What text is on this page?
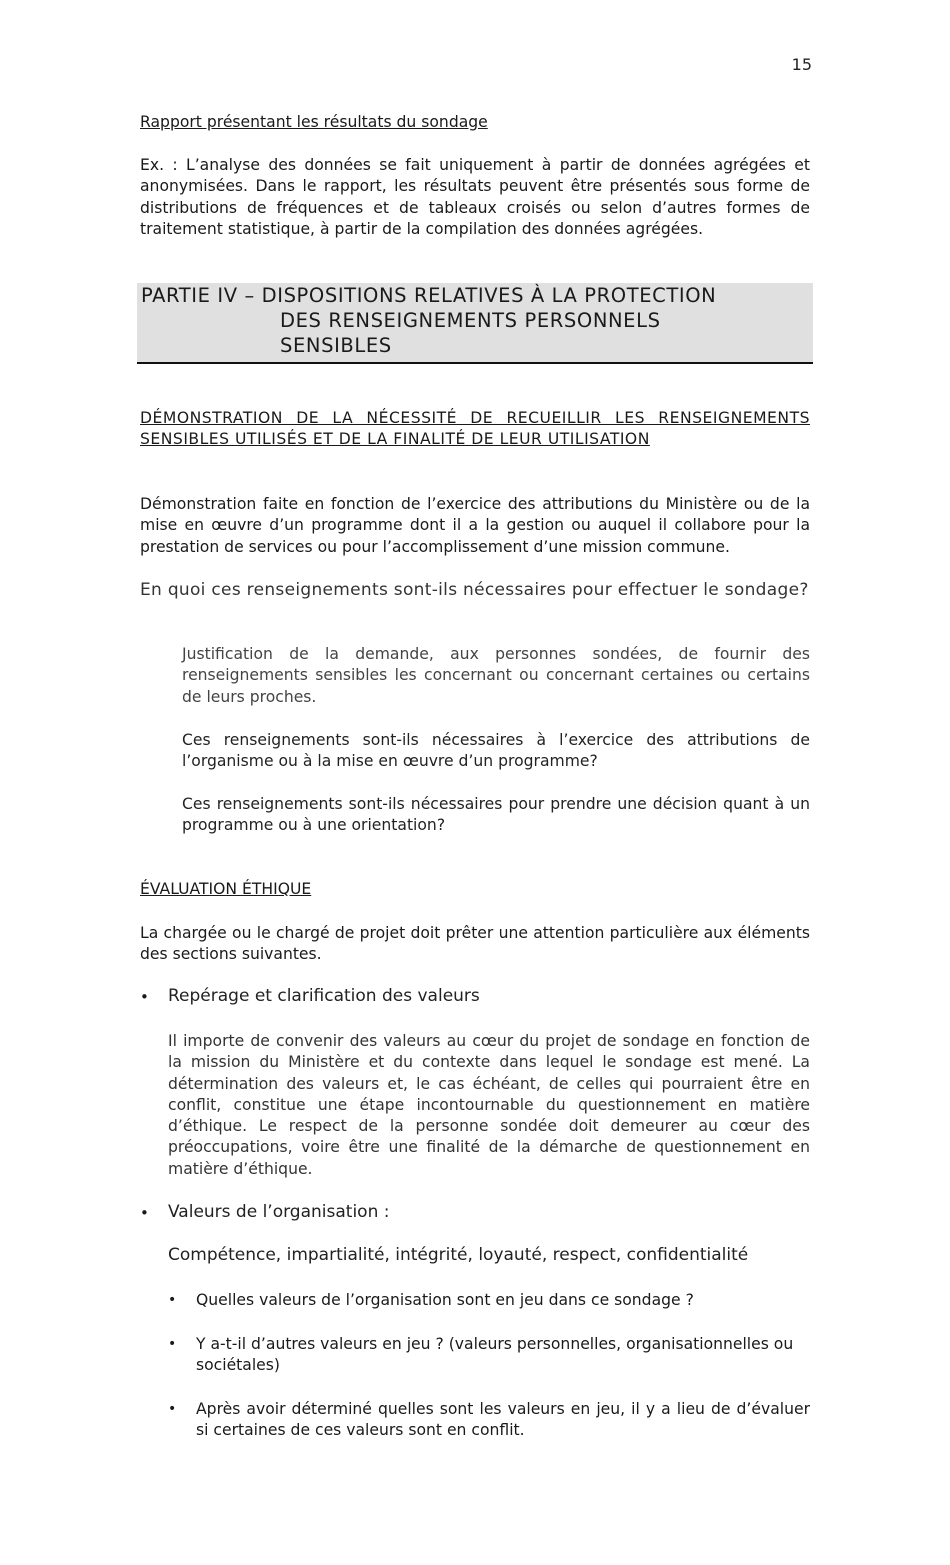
15
Rapport présentant les résultats du sondage
Ex. : L’analyse des données se fait uniquement à partir de données agrégées et anonymisées. Dans le rapport, les résultats peuvent être présentés sous forme de distributions de fréquences et de tableaux croisés ou selon d’autres formes de traitement statistique, à partir de la compilation des données agrégées.
PARTIE IV – DISPOSITIONS RELATIVES À LA PROTECTION
DES RENSEIGNEMENTS PERSONNELS
SENSIBLES
DÉMONSTRATION DE LA NÉCESSITÉ DE RECUEILLIR LES RENSEIGNEMENTS SENSIBLES UTILISÉS ET DE LA FINALITÉ DE LEUR UTILISATION
Démonstration faite en fonction de l’exercice des attributions du Ministère ou de la mise en œuvre d’un programme dont il a la gestion ou auquel il collabore pour la prestation de services ou pour l’accomplissement d’une mission commune.
En quoi ces renseignements sont-ils nécessaires pour effectuer le sondage?
Justification de la demande, aux personnes sondées, de fournir des renseignements sensibles les concernant ou concernant certaines ou certains de leurs proches.
Ces renseignements sont-ils nécessaires à l’exercice des attributions de l’organisme ou à la mise en œuvre d’un programme?
Ces renseignements sont-ils nécessaires pour prendre une décision quant à un programme ou à une orientation?
ÉVALUATION ÉTHIQUE
La chargée ou le chargé de projet doit prêter une attention particulière aux éléments des sections suivantes.
• Repérage et clarification des valeurs
Il importe de convenir des valeurs au cœur du projet de sondage en fonction de la mission du Ministère et du contexte dans lequel le sondage est mené. La détermination des valeurs et, le cas échéant, de celles qui pourraient être en conflit, constitue une étape incontournable du questionnement en matière d’éthique. Le respect de la personne sondée doit demeurer au cœur des préoccupations, voire être une finalité de la démarche de questionnement en matière d’éthique.
• Valeurs de l’organisation :
Compétence, impartialité, intégrité, loyauté, respect, confidentialité
• Quelles valeurs de l’organisation sont en jeu dans ce sondage ?
• Y a-t-il d’autres valeurs en jeu ? (valeurs personnelles, organisationnelles ou sociétales)
• Après avoir déterminé quelles sont les valeurs en jeu, il y a lieu de d’évaluer si certaines de ces valeurs sont en conflit.
